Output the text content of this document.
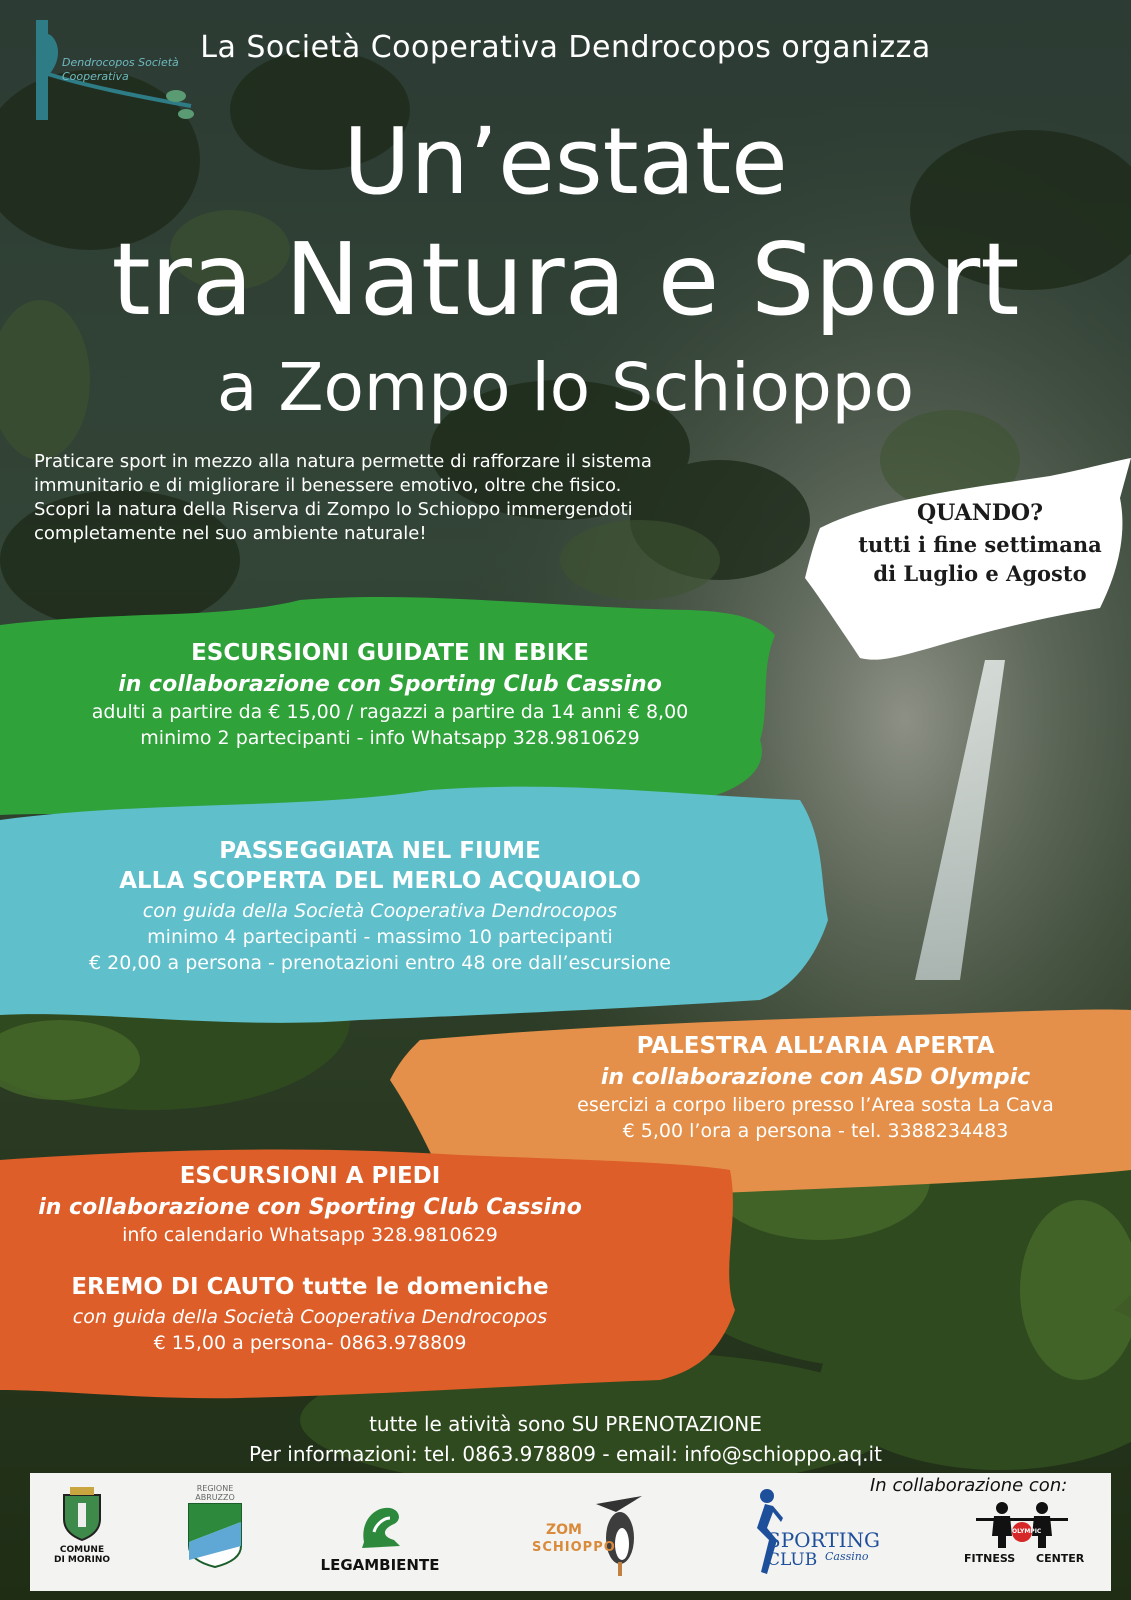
Dendrocopos Società Cooperativa
La Società Cooperativa Dendrocopos organizza
Un’estate
tra Natura e Sport
a Zompo lo Schioppo
Praticare sport in mezzo alla natura permette di rafforzare il sistema
immunitario e di migliorare il benessere emotivo, oltre che fisico.
Scopri la natura della Riserva di Zompo lo Schioppo immergendoti
completamente nel suo ambiente naturale!
QUANDO?
tutti i fine settimana
di Luglio e Agosto
ESCURSIONI GUIDATE IN EBIKE
in collaborazione con Sporting Club Cassino
adulti a partire da € 15,00 / ragazzi a partire da 14 anni € 8,00
minimo 2 partecipanti - info Whatsapp 328.9810629
PASSEGGIATA NEL FIUME
ALLA SCOPERTA DEL MERLO ACQUAIOLO
con guida della Società Cooperativa Dendrocopos
minimo 4 partecipanti - massimo 10 partecipanti
€ 20,00 a persona - prenotazioni entro 48 ore dall’escursione
PALESTRA ALL’ARIA APERTA
in collaborazione con ASD Olympic
esercizi a corpo libero presso l’Area sosta La Cava
€ 5,00 l’ora a persona - tel. 3388234483
ESCURSIONI A PIEDI
in collaborazione con Sporting Club Cassino
info calendario Whatsapp 328.9810629
EREMO DI CAUTO tutte le domeniche
con guida della Società Cooperativa Dendrocopos
€ 15,00 a persona- 0863.978809
tutte le atività sono SU PRENOTAZIONE
Per informazioni: tel. 0863.978809 - email: info@schioppo.aq.it
In collaborazione con:
COMUNE
DI MORINO
REGIONE
ABRUZZO
LEGAMBIENTE
ZOM
SCHIOPPO	SPORTING
CLUB Cassino	FITNESS
OLYMPIC
CENTER
